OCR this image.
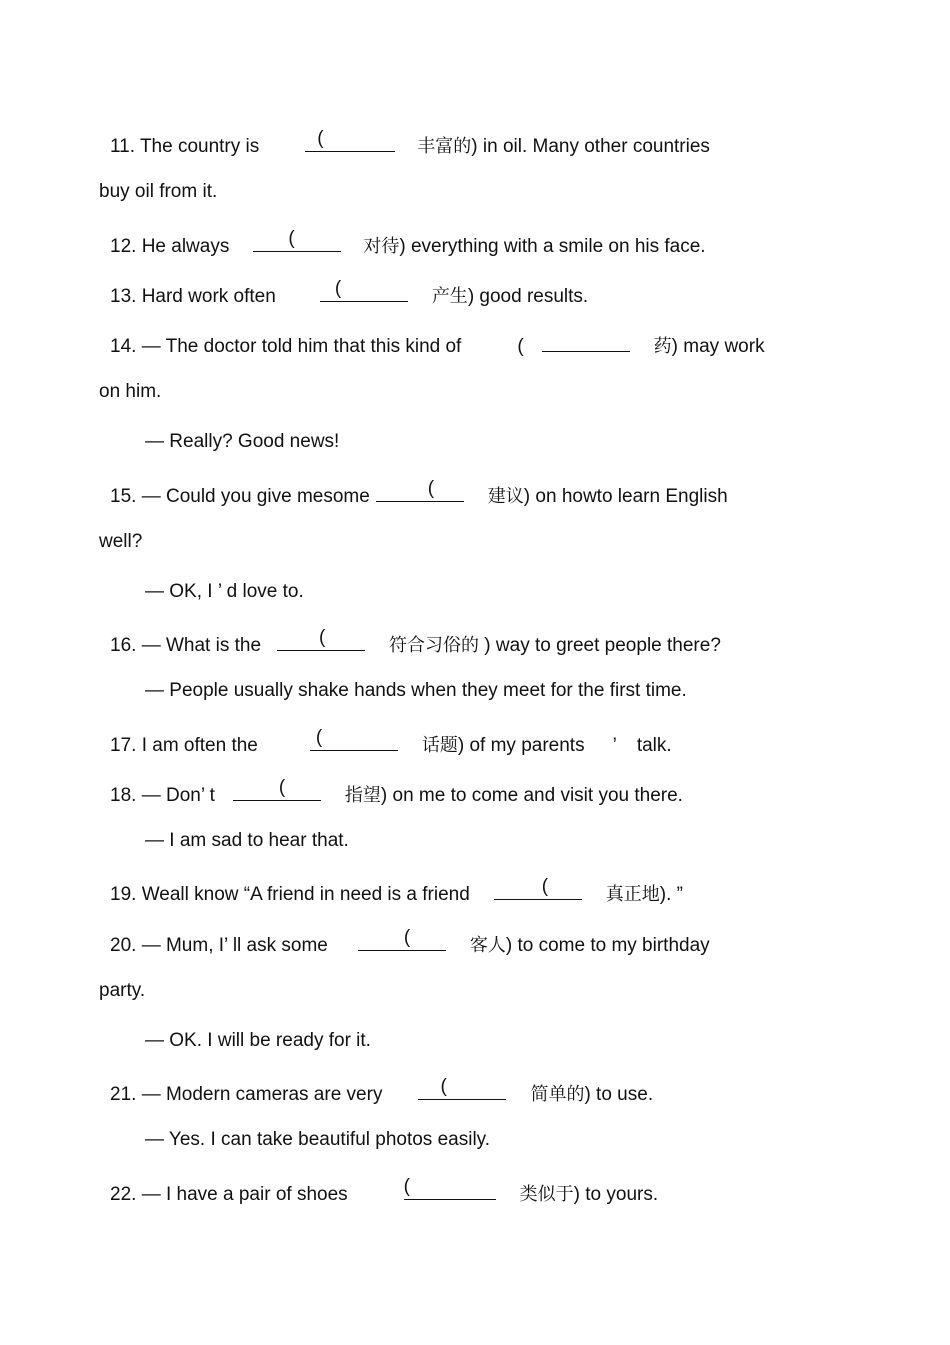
11. The country is	(	丰富的) in oil. Many other countries
buy oil from it.
12. He always	(	对待) everything with a smile on his face.
13. Hard work often	(	产生) good results.
14. — The doctor told him that this kind of	(	药) may work
on him.
— Really? Good news!
15. — Could you give mesome	(	建议) on howto learn English
well?
— OK, I ’ d love to.
16. — What is the	(	符合习俗的 ) way to greet people there?
— People usually shake hands when they meet for the first time.
17. I am often the	(	话题) of my parents ’ talk.
18. — Don’ t	(	指望) on me to come and visit you there.
— I am sad to hear that.
19. Weall know “A friend in need is a friend	(	真正地). ”
20. — Mum, I’ ll ask some	(	客人) to come to my birthday
party.
— OK. I will be ready for it.
21. — Modern cameras are very	(	简单的) to use.
— Yes. I can take beautiful photos easily.
22. — I have a pair of shoes	(	类似于) to yours.
